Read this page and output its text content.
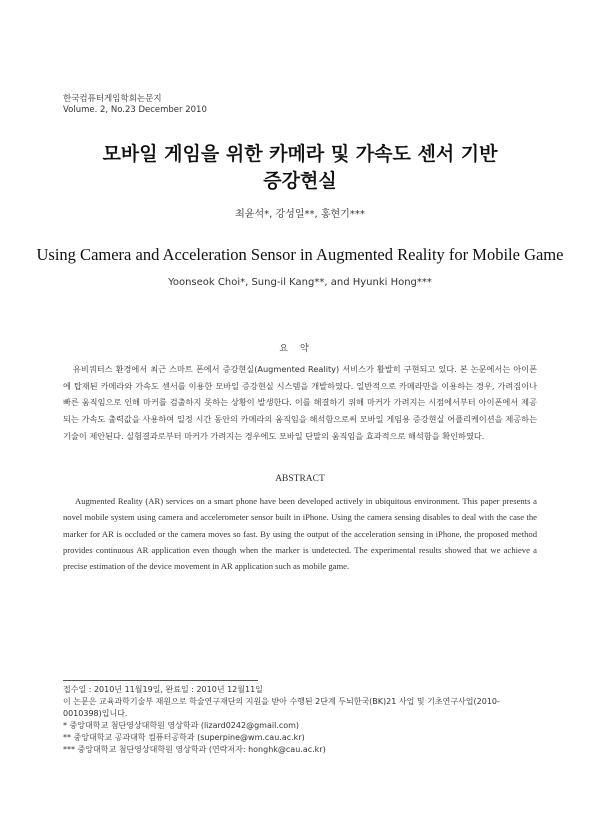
한국컴퓨터게임학회논문지
Volume. 2, No.23 December 2010
모바일 게임을 위한 카메라 및 가속도 센서 기반
증강현실
최윤석*, 강성일**, 홍현기***
Using Camera and Acceleration Sensor in Augmented Reality for Mobile Game
Yoonseok Choi*, Sung-il Kang**, and Hyunki Hong***
요약

유비쿼터스 환경에서 최근 스마트 폰에서 증강현실(Augmented Reality) 서비스가 활발히 구현되고 있다. 본 논문에서는 아이폰에 탑재된 카메라와 가속도 센서를 이용한 모바일 증강현실 시스템을 개발하였다. 일반적으로 카메라만을 이용하는 경우, 가려짐이나 빠른 움직임으로 인해 마커를 검출하지 못하는 상황이 발생한다. 이를 해결하기 위해 마커가 가려지는 시점에서부터 아이폰에서 제공되는 가속도 출력값을 사용하여 일정 시간 동안의 카메라의 움직임을 해석함으로써 모바일 게임용 증강현실 어플리케이션을 제공하는 기술이 제안된다. 실험결과로부터 마커가 가려지는 경우에도 모바일 단말의 움직임을 효과적으로 해석함을 확인하였다.

ABSTRACT

Augmented Reality (AR) services on a smart phone have been developed actively in ubiquitous environment. This paper presents a novel mobile system using camera and accelerometer sensor built in iPhone. Using the camera sensing disables to deal with the case the marker for AR is occluded or the camera moves so fast. By using the output of the acceleration sensing in iPhone, the proposed method provides continuous AR application even though when the marker is undetected. The experimental results showed that we achieve a precise estimation of the device movement in AR application such as mobile game.

접수일 : 2010년 11월19일, 완료일 : 2010년 12월11일
이 논문은 교육과학기술부 재원으로 학술연구재단의 지원을 받아 수행된 2단계 두뇌한국(BK)21 사업 및 기초연구사업(2010-0010398)입니다.
* 중앙대학교 첨단영상대학원 영상학과 (lizard0242@gmail.com)
** 중앙대학교 공과대학 컴퓨터공학과 (superpine@wm.cau.ac.kr)
*** 중앙대학교 첨단영상대학원 영상학과 (연락저자: honghk@cau.ac.kr)
